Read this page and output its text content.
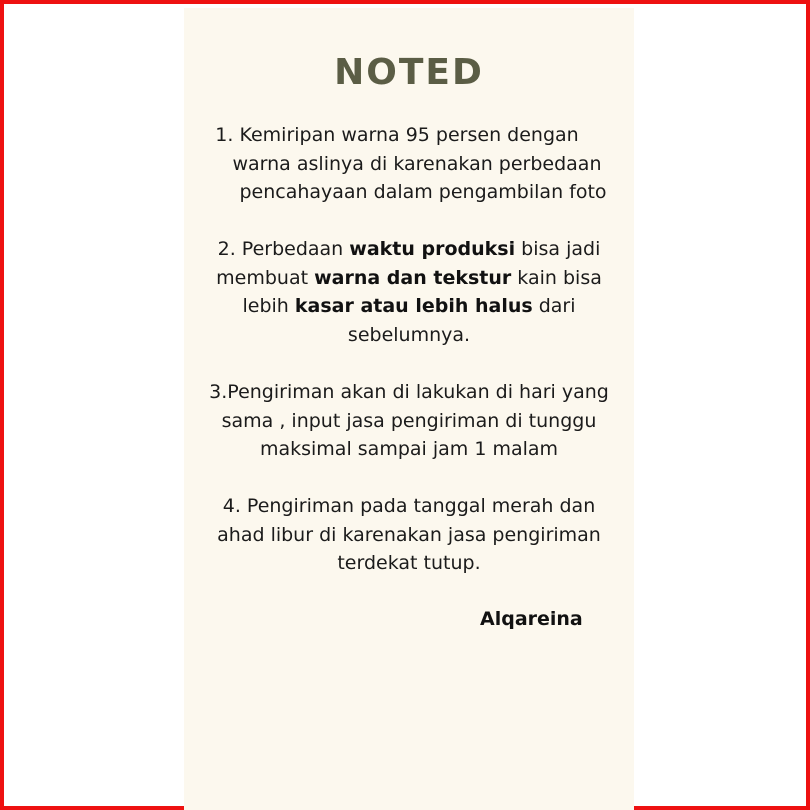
NOTED
1. Kemiripan warna 95 persen dengan
warna aslinya di karenakan perbedaan
pencahayaan dalam pengambilan foto
2. Perbedaan waktu produksi bisa jadi
membuat warna dan tekstur kain bisa
lebih kasar atau lebih halus dari
sebelumnya.
3.Pengiriman akan di lakukan di hari yang
sama , input jasa pengiriman di tunggu
maksimal sampai jam 1 malam
4. Pengiriman pada tanggal merah dan
ahad libur di karenakan jasa pengiriman
terdekat tutup.
Alqareina
